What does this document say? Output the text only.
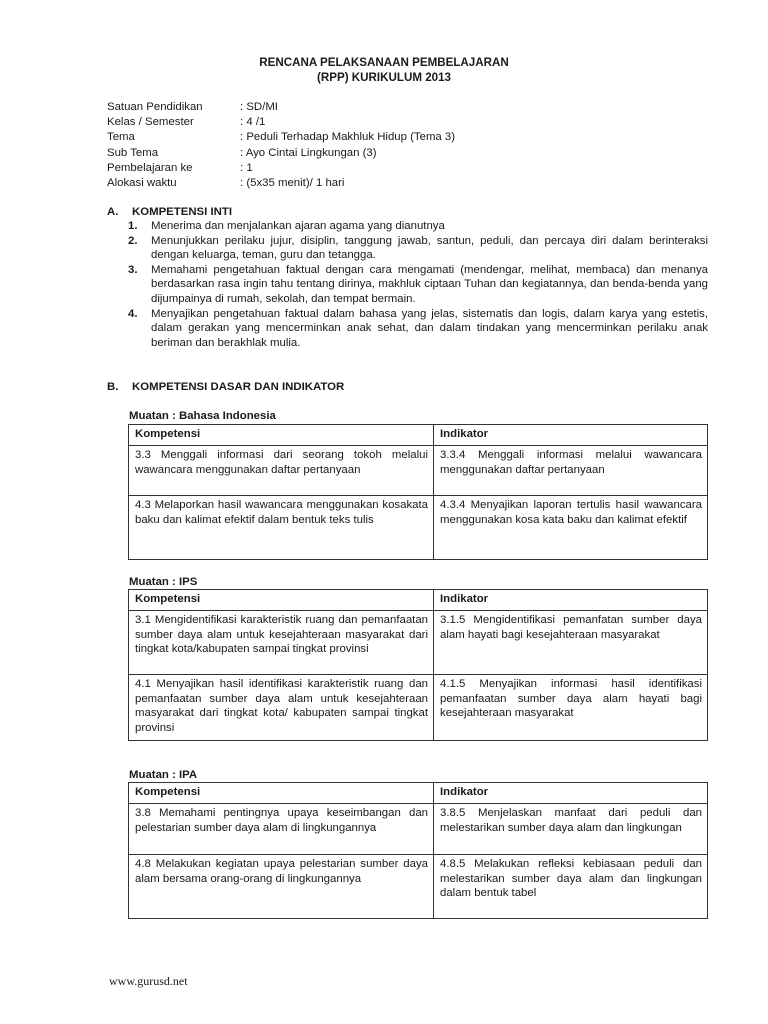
RENCANA PELAKSANAAN PEMBELAJARAN
(RPP) KURIKULUM 2013
Satuan Pendidikan	: SD/MI
Kelas / Semester	: 4 /1
Tema	: Peduli Terhadap Makhluk Hidup (Tema 3)
Sub Tema	: Ayo Cintai Lingkungan (3)
Pembelajaran ke	: 1
Alokasi waktu	: (5x35 menit)/ 1 hari
A. KOMPETENSI INTI
1.	Menerima dan menjalankan ajaran agama yang dianutnya
2.	Menunjukkan perilaku jujur, disiplin, tanggung jawab, santun, peduli, dan percaya diri dalam berinteraksi dengan keluarga, teman, guru dan tetangga.
3.	Memahami pengetahuan faktual dengan cara mengamati (mendengar, melihat, membaca) dan menanya berdasarkan rasa ingin tahu tentang dirinya, makhluk ciptaan Tuhan dan kegiatannya, dan benda-benda yang dijumpainya di rumah, sekolah, dan tempat bermain.
4.	Menyajikan pengetahuan faktual dalam bahasa yang jelas, sistematis dan logis, dalam karya yang estetis, dalam gerakan yang mencerminkan anak sehat, dan dalam tindakan yang mencerminkan perilaku anak beriman dan berakhlak mulia.
B. KOMPETENSI DASAR DAN INDIKATOR
Muatan : Bahasa Indonesia
Kompetensi	Indikator
3.3 Menggali informasi dari seorang tokoh melalui wawancara menggunakan daftar pertanyaan	3.3.4 Menggali informasi melalui wawancara menggunakan daftar pertanyaan
4.3 Melaporkan hasil wawancara menggunakan kosakata baku dan kalimat efektif dalam bentuk teks tulis	4.3.4 Menyajikan laporan tertulis hasil wawancara menggunakan kosa kata baku dan kalimat efektif
Muatan : IPS
Kompetensi	Indikator
3.1 Mengidentifikasi karakteristik ruang dan pemanfaatan sumber daya alam untuk kesejahteraan masyarakat dari tingkat kota/kabupaten sampai tingkat provinsi	3.1.5 Mengidentifikasi pemanfatan sumber daya alam hayati bagi kesejahteraan masyarakat
4.1 Menyajikan hasil identifikasi karakteristik ruang dan pemanfaatan sumber daya alam untuk kesejahteraan masyarakat dari tingkat kota/ kabupaten sampai tingkat provinsi	4.1.5 Menyajikan informasi hasil identifikasi pemanfaatan sumber daya alam hayati bagi kesejahteraan masyarakat
Muatan : IPA
Kompetensi	Indikator
3.8 Memahami pentingnya upaya keseimbangan dan pelestarian sumber daya alam di lingkungannya	3.8.5 Menjelaskan manfaat dari peduli dan melestarikan sumber daya alam dan lingkungan
4.8 Melakukan kegiatan upaya pelestarian sumber daya alam bersama orang-orang di lingkungannya	4.8.5 Melakukan refleksi kebiasaan peduli dan melestarikan sumber daya alam dan lingkungan dalam bentuk tabel
www.gurusd.net
